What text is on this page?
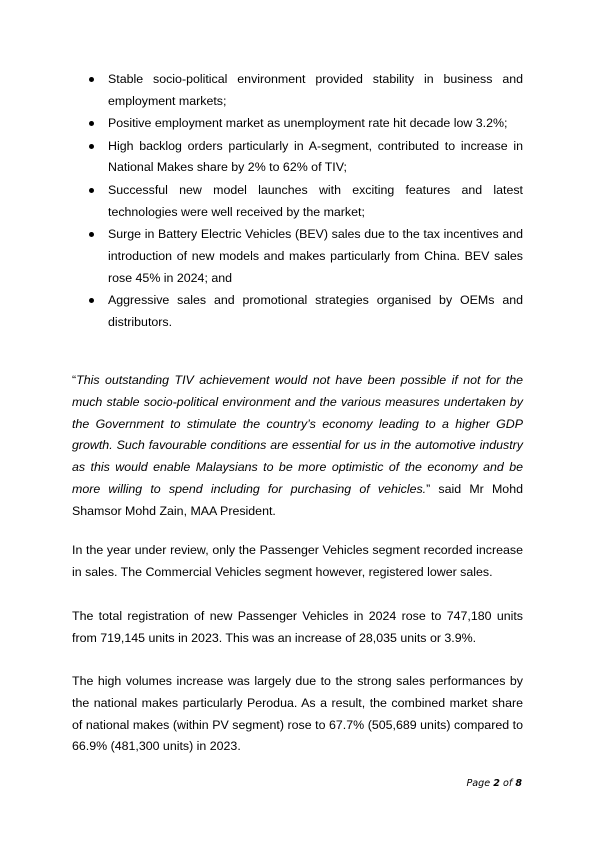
Stable socio-political environment provided stability in business and employment markets;
Positive employment market as unemployment rate hit decade low 3.2%;
High backlog orders particularly in A-segment, contributed to increase in National Makes share by 2% to 62% of TIV;
Successful new model launches with exciting features and latest technologies were well received by the market;
Surge in Battery Electric Vehicles (BEV) sales due to the tax incentives and introduction of new models and makes particularly from China. BEV sales rose 45% in 2024; and
Aggressive sales and promotional strategies organised by OEMs and distributors.

“This outstanding TIV achievement would not have been possible if not for the much stable socio-political environment and the various measures undertaken by the Government to stimulate the country’s economy leading to a higher GDP growth. Such favourable conditions are essential for us in the automotive industry as this would enable Malaysians to be more optimistic of the economy and be more willing to spend including for purchasing of vehicles.” said Mr Mohd Shamsor Mohd Zain, MAA President.

In the year under review, only the Passenger Vehicles segment recorded increase in sales. The Commercial Vehicles segment however, registered lower sales.

The total registration of new Passenger Vehicles in 2024 rose to 747,180 units from 719,145 units in 2023. This was an increase of 28,035 units or 3.9%.

The high volumes increase was largely due to the strong sales performances by the national makes particularly Perodua. As a result, the combined market share of national makes (within PV segment) rose to 67.7% (505,689 units) compared to 66.9% (481,300 units) in 2023.

Page 2 of 8
